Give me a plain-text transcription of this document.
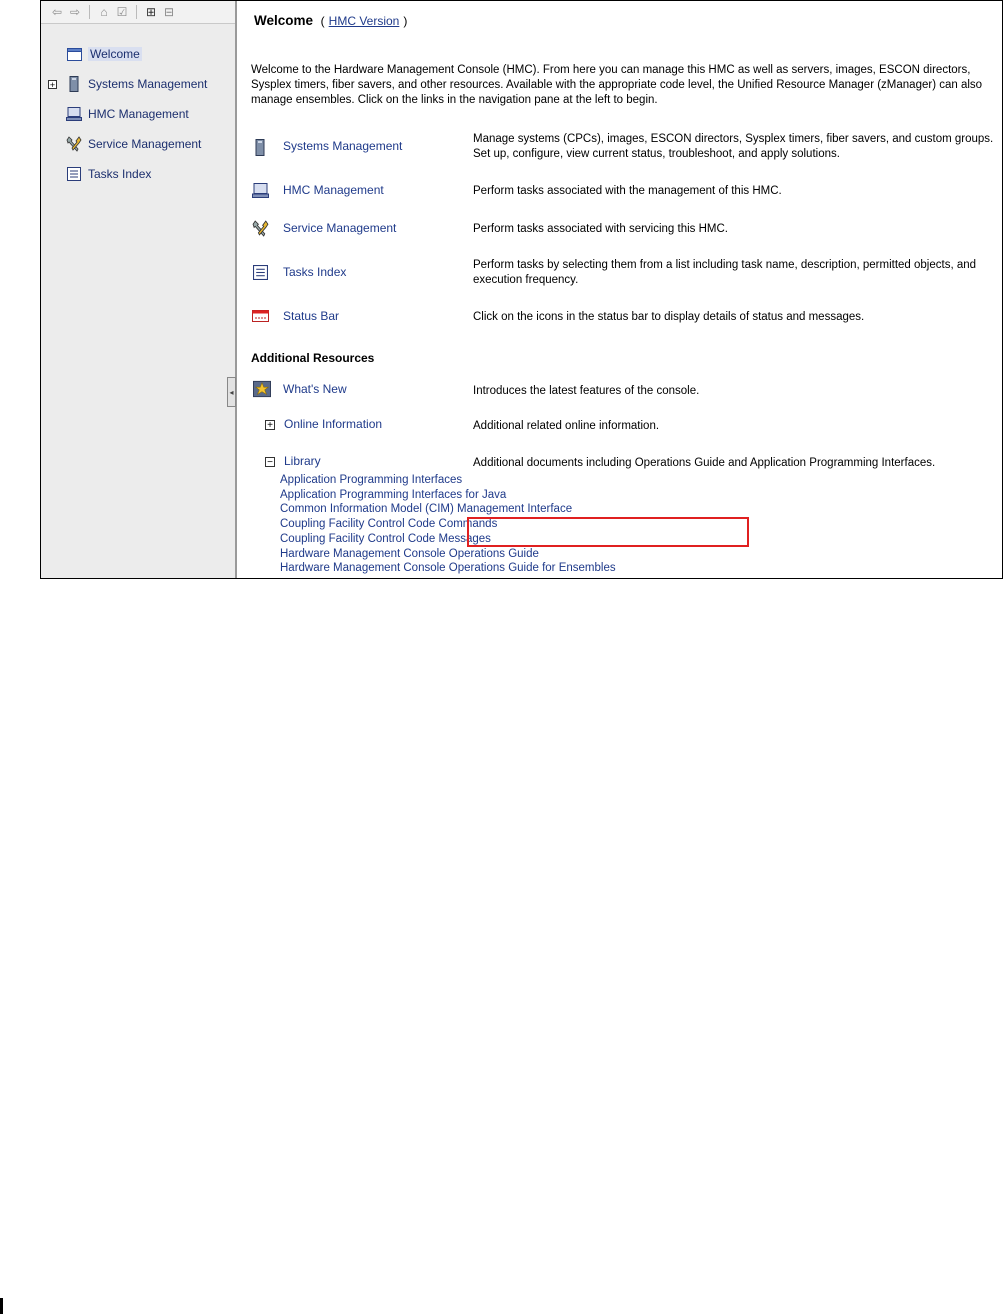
⇦ ⇨	⌂ ☑ ⊞ ⊟
Welcome
+	Systems Management
HMC Management
Service Management
Tasks Index
◂
Welcome ( HMC Version )
Welcome to the Hardware Management Console (HMC). From here you can manage this HMC as well as servers, images, ESCON directors, Sysplex timers, fiber savers, and other resources. Available with the appropriate code level, the Unified Resource Manager (zManager) can also manage ensembles. Click on the links in the navigation pane at the left to begin.
Systems Management	Manage systems (CPCs), images, ESCON directors, Sysplex timers, fiber savers, and custom groups. Set up, configure, view current status, troubleshoot, and apply solutions.
HMC Management	Perform tasks associated with the management of this HMC.
Service Management	Perform tasks associated with servicing this HMC.
Tasks Index	Perform tasks by selecting them from a list including task name, description, permitted objects, and execution frequency.
Status Bar	Click on the icons in the status bar to display details of status and messages.
Additional Resources
What's New	Introduces the latest features of the console.
+ Online Information	Additional related online information.
− Library	Additional documents including Operations Guide and Application Programming Interfaces.
Application Programming Interfaces
Application Programming Interfaces for Java
Common Information Model (CIM) Management Interface
Coupling Facility Control Code Commands
Coupling Facility Control Code Messages
Hardware Management Console Operations Guide
Hardware Management Console Operations Guide for Ensembles
